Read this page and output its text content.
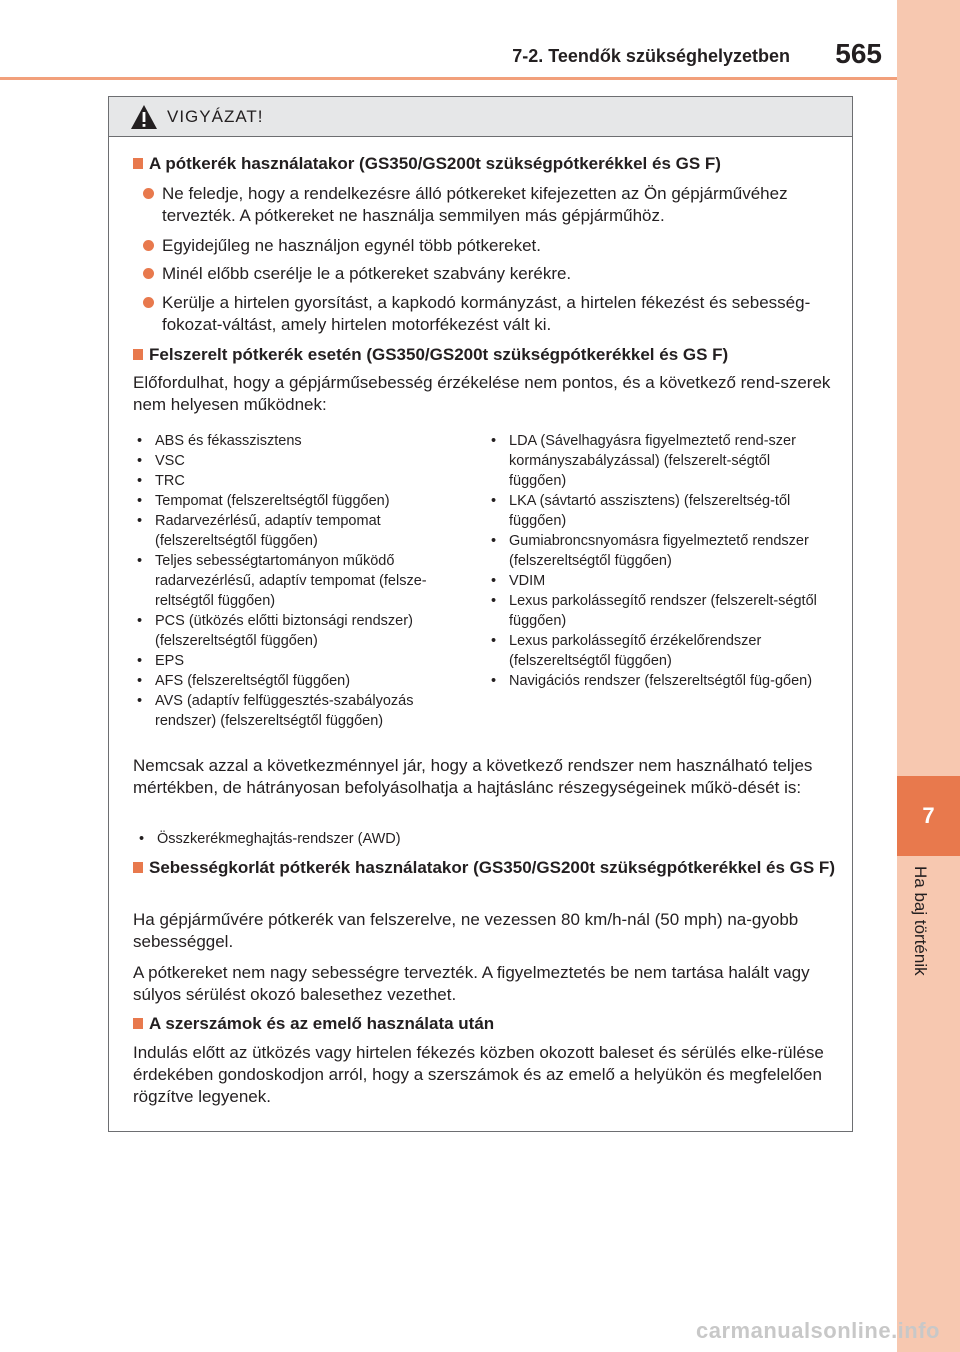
7-2. Teendők szükséghelyzetben 565
7
Ha baj történik
VIGYÁZAT!
A pótkerék használatakor (GS350/GS200t szükségpótkerékkel és GS F)
Ne feledje, hogy a rendelkezésre álló pótkereket kifejezetten az Ön gépjárművéhez tervezték. A pótkereket ne használja semmilyen más gépjárműhöz.
Egyidejűleg ne használjon egynél több pótkereket.
Minél előbb cserélje le a pótkereket szabvány kerékre.
Kerülje a hirtelen gyorsítást, a kapkodó kormányzást, a hirtelen fékezést és sebesség-fokozat-váltást, amely hirtelen motorfékezést vált ki.
Felszerelt pótkerék esetén (GS350/GS200t szükségpótkerékkel és GS F)
Előfordulhat, hogy a gépjárműsebesség érzékelése nem pontos, és a következő rend-szerek nem helyesen működnek:
• ABS és fékasszisztens
• VSC
• TRC
• Tempomat (felszereltségtől függően)
• Radarvezérlésű, adaptív tempomat (felszereltségtől függően)
• Teljes sebességtartományon működő radarvezérlésű, adaptív tempomat (felsze-reltségtől függően)
• PCS (ütközés előtti biztonsági rendszer) (felszereltségtől függően)
• EPS
• AFS (felszereltségtől függően)
• AVS (adaptív felfüggesztés-szabályozás rendszer) (felszereltségtől függően)
• LDA (Sávelhagyásra figyelmeztető rend-szer kormányszabályzással) (felszerelt-ségtől függően)
• LKA (sávtartó asszisztens) (felszereltség-től függően)
• Gumiabroncsnyomásra figyelmeztető rendszer (felszereltségtől függően)
• VDIM
• Lexus parkolássegítő rendszer (felszerelt-ségtől függően)
• Lexus parkolássegítő érzékelőrendszer (felszereltségtől függően)
• Navigációs rendszer (felszereltségtől füg-gően)
Nemcsak azzal a következménnyel jár, hogy a következő rendszer nem használható teljes mértékben, de hátrányosan befolyásolhatja a hajtáslánc részegységeinek műkö-dését is:
• Összkerékmeghajtás-rendszer (AWD)
Sebességkorlát pótkerék használatakor (GS350/GS200t szükségpótkerékkel és GS F)
Ha gépjárművére pótkerék van felszerelve, ne vezessen 80 km/h-nál (50 mph) na-gyobb sebességgel.
A pótkereket nem nagy sebességre tervezték. A figyelmeztetés be nem tartása halált vagy súlyos sérülést okozó balesethez vezethet.
A szerszámok és az emelő használata után
Indulás előtt az ütközés vagy hirtelen fékezés közben okozott baleset és sérülés elke-rülése érdekében gondoskodjon arról, hogy a szerszámok és az emelő a helyükön és megfelelően rögzítve legyenek.
carmanualsonline.info
